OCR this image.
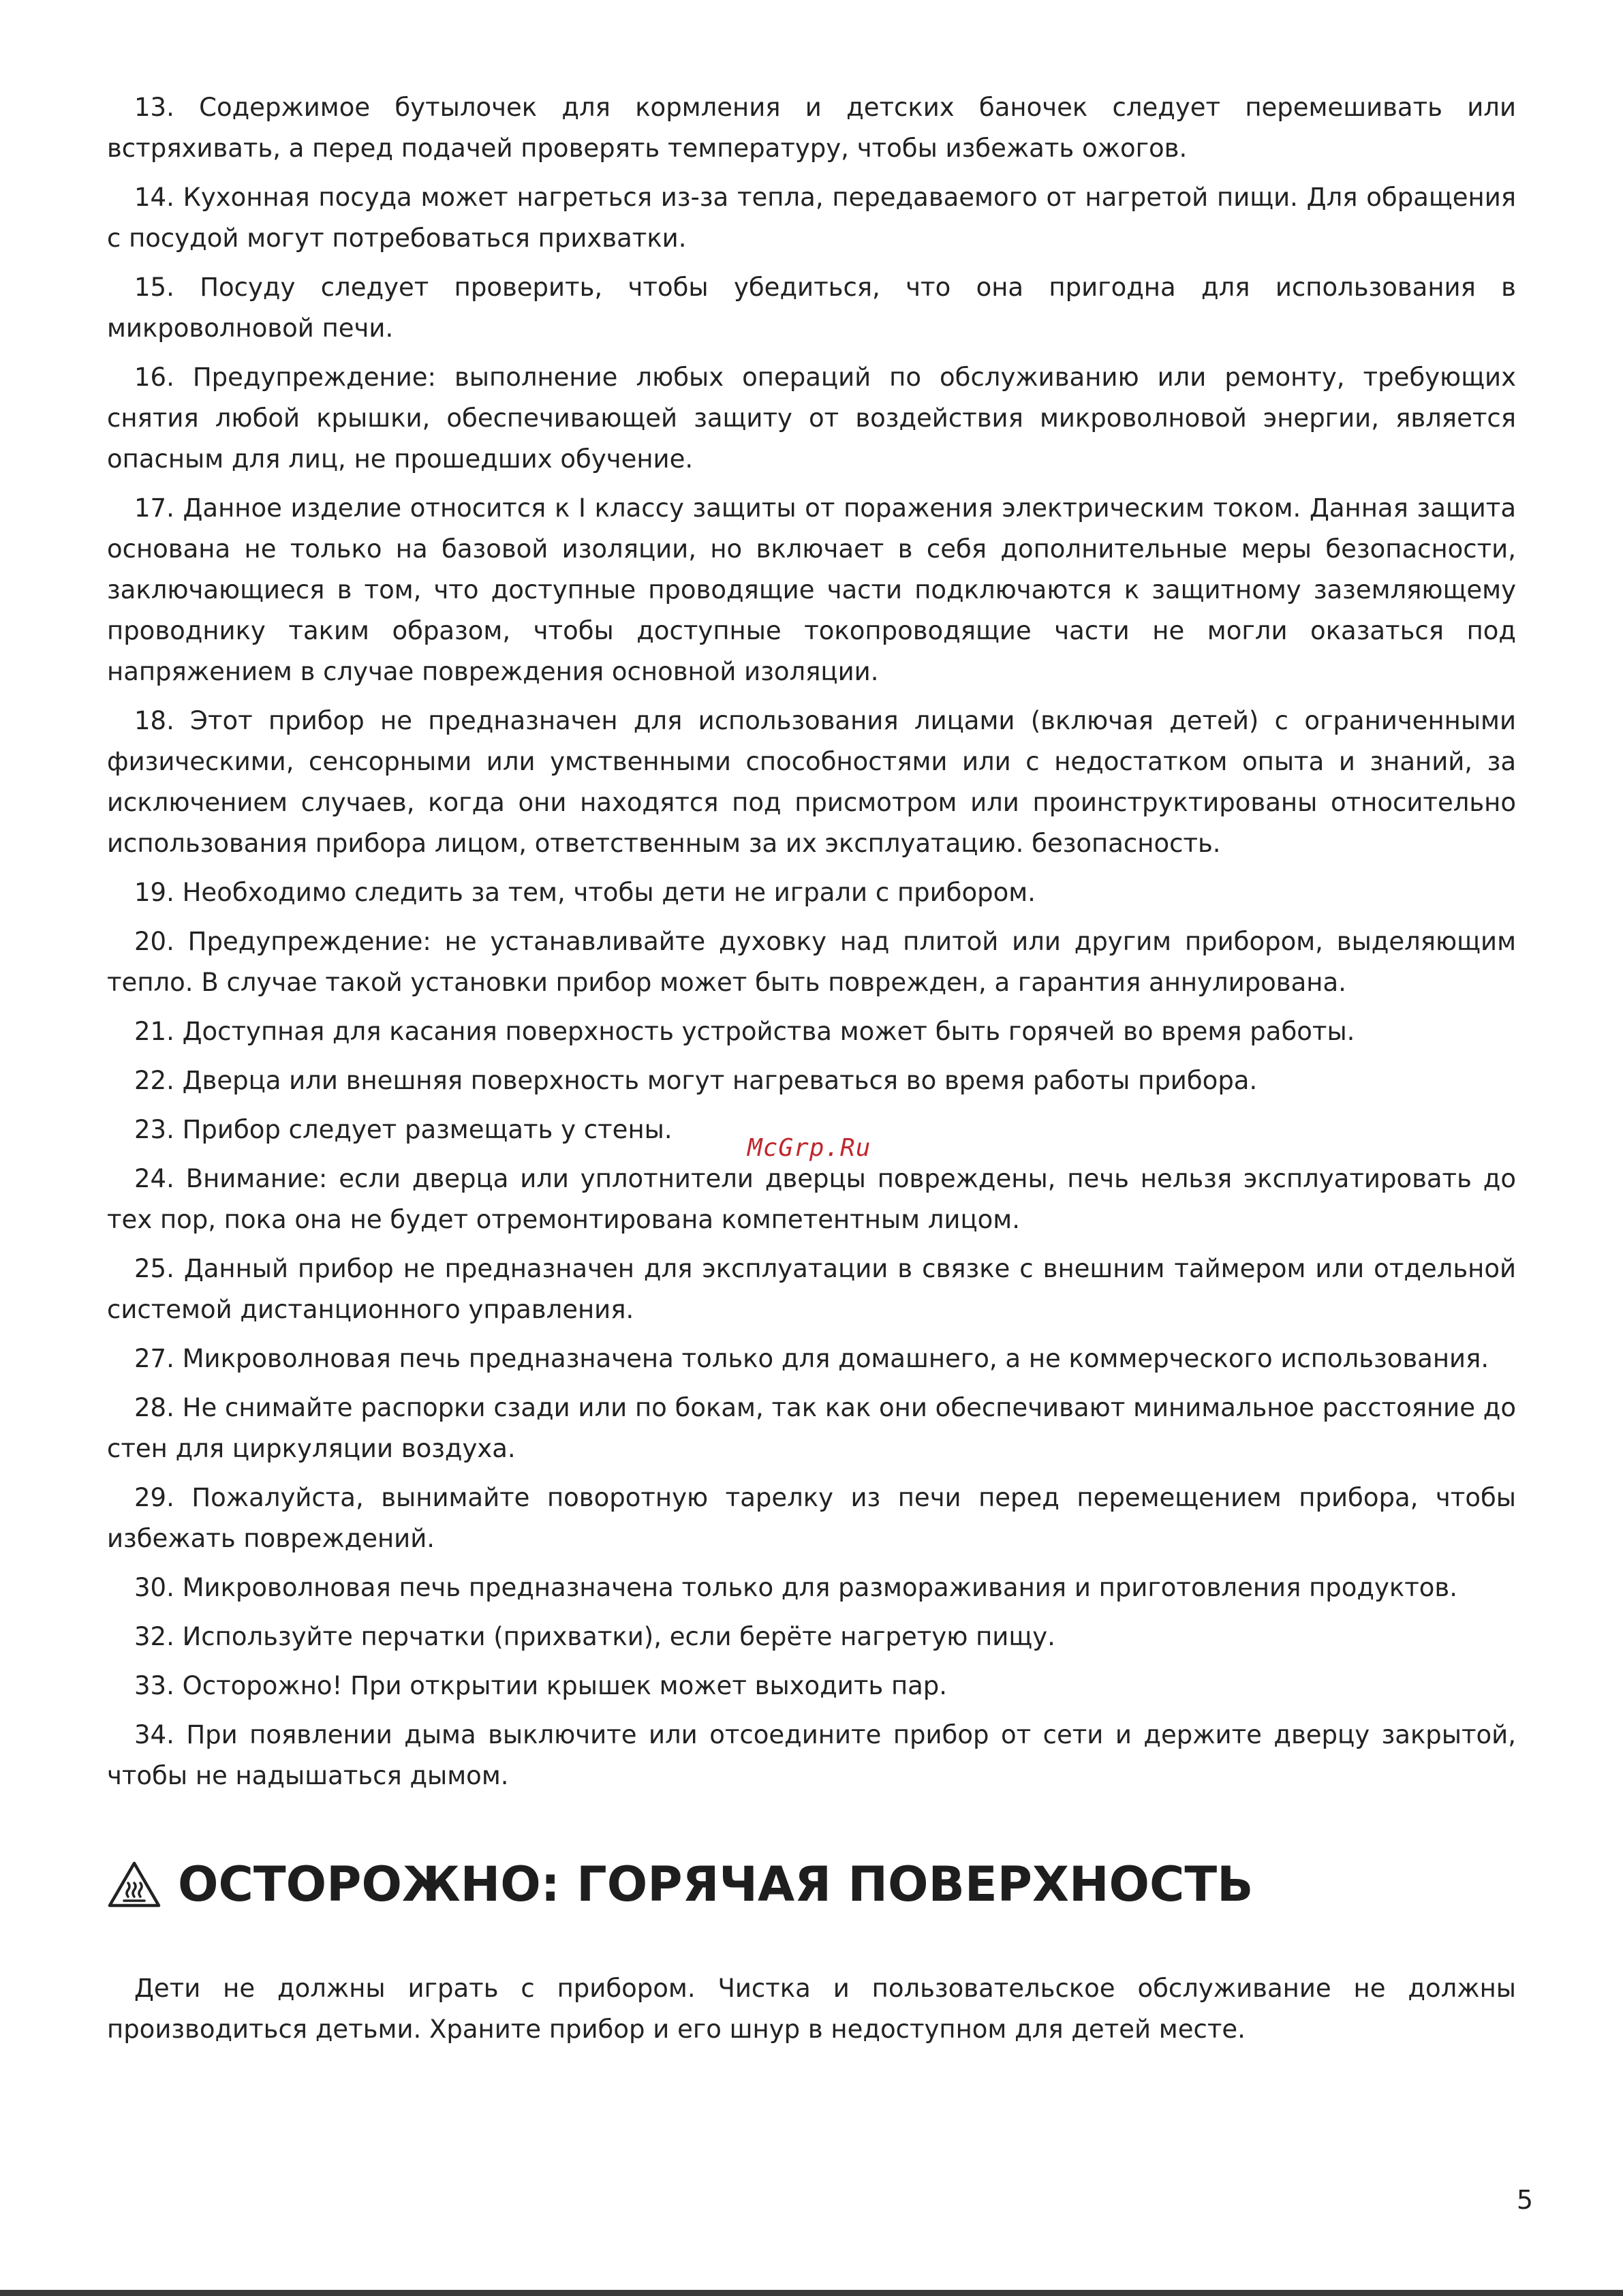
13. Содержимое бутылочек для кормления и детских баночек следует перемешивать или встряхивать, а перед подачей проверять температуру, чтобы избежать ожогов.

14. Кухонная посуда может нагреться из-за тепла, передаваемого от нагретой пищи. Для обращения с посудой могут потребоваться прихватки.

15. Посуду следует проверить, чтобы убедиться, что она пригодна для использования в микроволновой печи.

16. Предупреждение: выполнение любых операций по обслуживанию или ремонту, требующих снятия любой крышки, обеспечивающей защиту от воздействия микроволновой энергии, является опасным для лиц, не прошедших обучение.

17. Данное изделие относится к I классу защиты от поражения электрическим током. Данная защита основана не только на базовой изоляции, но включает в себя дополнительные меры безопасности, заключающиеся в том, что доступные проводящие части подключаются к защитному заземляющему проводнику таким образом, чтобы доступные токопроводящие части не могли оказаться под напряжением в случае повреждения основной изоляции.

18. Этот прибор не предназначен для использования лицами (включая детей) с ограниченными физическими, сенсорными или умственными способностями или с недостатком опыта и знаний, за исключением случаев, когда они находятся под присмотром или проинструктированы относительно использования прибора лицом, ответственным за их эксплуатацию. безопасность.

19. Необходимо следить за тем, чтобы дети не играли с прибором.

20. Предупреждение: не устанавливайте духовку над плитой или другим прибором, выделяющим тепло. В случае такой установки прибор может быть поврежден, а гарантия аннулирована.

21. Доступная для касания поверхность устройства может быть горячей во время работы.

22. Дверца или внешняя поверхность могут нагреваться во время работы прибора.

23. Прибор следует размещать у стены.

24. Внимание: если дверца или уплотнители дверцы повреждены, печь нельзя эксплуатировать до тех пор, пока она не будет отремонтирована компетентным лицом.

25. Данный прибор не предназначен для эксплуатации в связке с внешним таймером или отдельной системой дистанционного управления.

27. Микроволновая печь предназначена только для домашнего, а не коммерческого использования.

28. Не снимайте распорки сзади или по бокам, так как они обеспечивают минимальное расстояние до стен для циркуляции воздуха.

29. Пожалуйста, вынимайте поворотную тарелку из печи перед перемещением прибора, чтобы избежать повреждений.

30. Микроволновая печь предназначена только для размораживания и приготовления продуктов.

32. Используйте перчатки (прихватки), если берёте нагретую пищу.

33. Осторожно! При открытии крышек может выходить пар.

34. При появлении дыма выключите или отсоедините прибор от сети и держите дверцу закрытой, чтобы не надышаться дымом.

ОСТОРОЖНО: ГОРЯЧАЯ ПОВЕРХНОСТЬ

Дети не должны играть с прибором. Чистка и пользовательское обслуживание не должны производиться детьми. Храните прибор и его шнур в недоступном для детей месте.

McGrp.Ru
5
